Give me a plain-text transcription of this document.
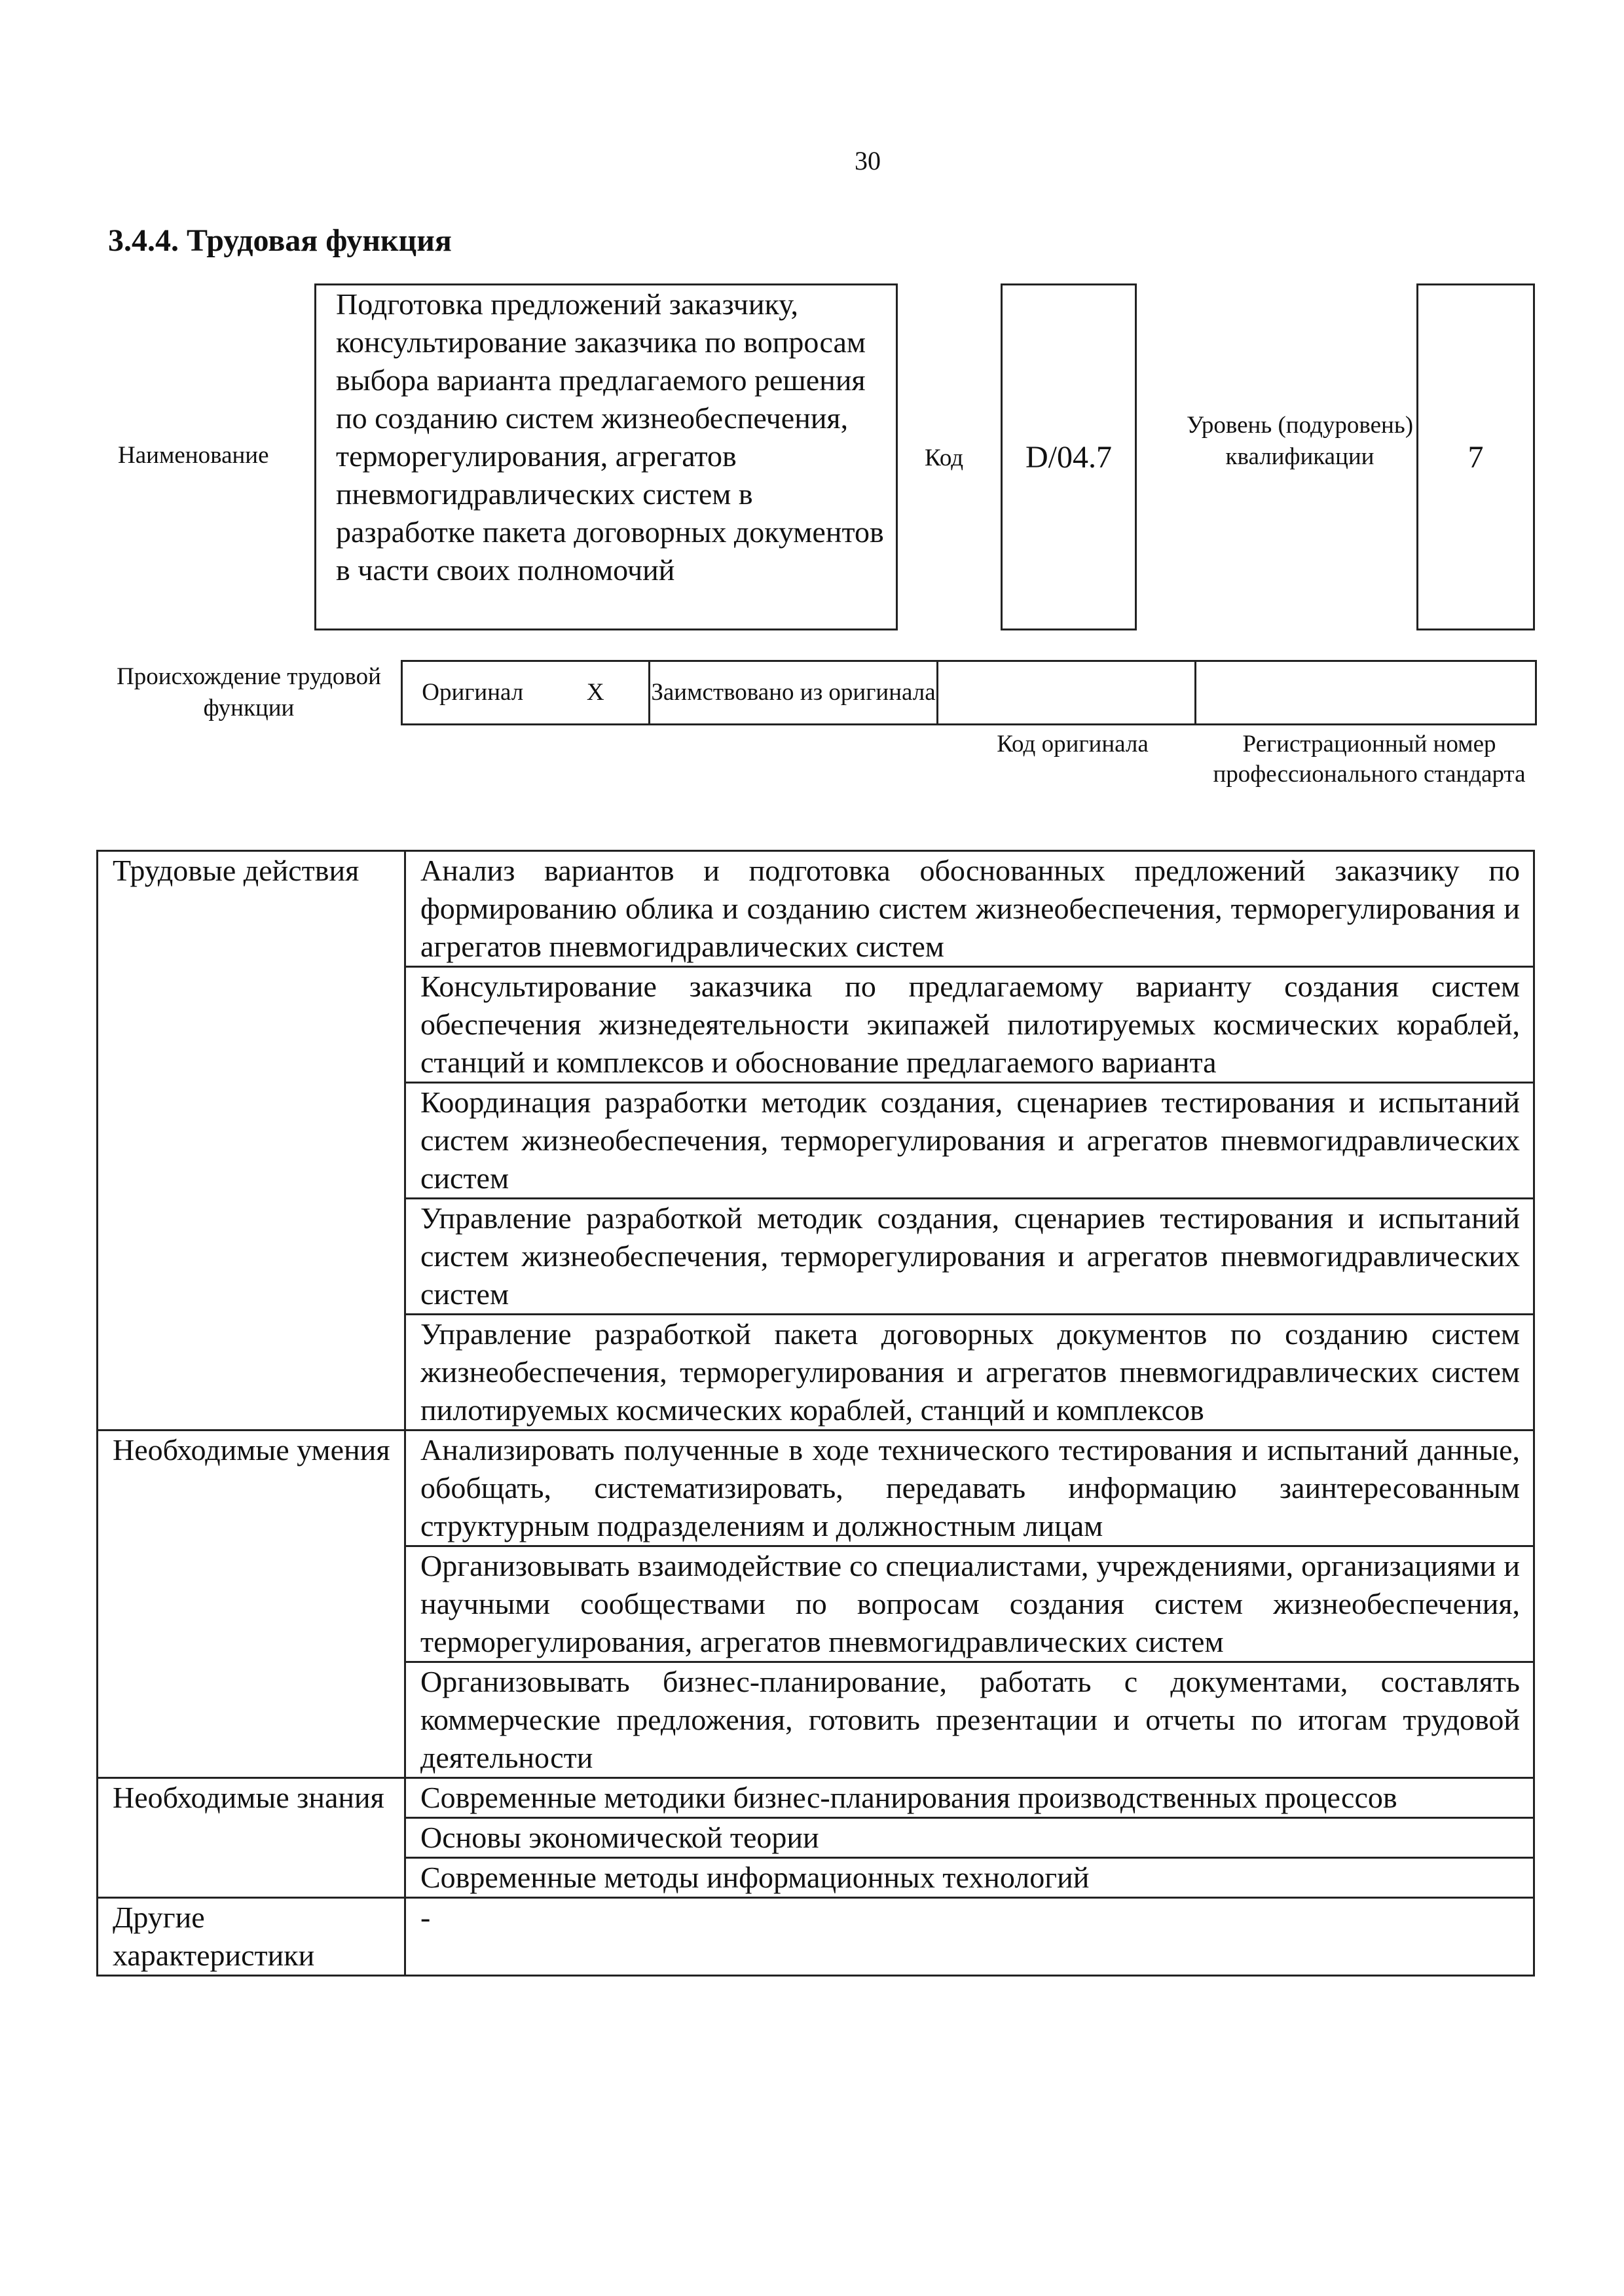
30
3.4.4. Трудовая функция
Наименование

Подготовка предложений заказчику, консультирование заказчика по вопросам выбора варианта предлагаемого решения по созданию систем жизнеобеспечения, терморегулирования, агрегатов пневмогидравлических систем в разработке пакета договорных документов в части своих полномочий

Код D/04.7
Уровень (подуровень) квалификации	7
Происхождение трудовой функции
Оригинал	X	Заимствовано из оригинала		
Код оригинала	Регистрационный номер профессионального стандарта
Трудовые действия	Анализ вариантов и подготовка обоснованных предложений заказчику по формированию облика и созданию систем жизнеобеспечения, терморегулирования и агрегатов пневмогидравлических систем
	Консультирование заказчика по предлагаемому варианту создания систем обеспечения жизнедеятельности экипажей пилотируемых космических кораблей, станций и комплексов и обоснование предлагаемого варианта
	Координация разработки методик создания, сценариев тестирования и испытаний систем жизнеобеспечения, терморегулирования и агрегатов пневмогидравлических систем
	Управление разработкой методик создания, сценариев тестирования и испытаний систем жизнеобеспечения, терморегулирования и агрегатов пневмогидравлических систем
	Управление разработкой пакета договорных документов по созданию систем жизнеобеспечения, терморегулирования и агрегатов пневмогидравлических систем пилотируемых космических кораблей, станций и комплексов
Необходимые умения	Анализировать полученные в ходе технического тестирования и испытаний данные, обобщать, систематизировать, передавать информацию заинтересованным структурным подразделениям и должностным лицам
	Организовывать взаимодействие со специалистами, учреждениями, организациями и научными сообществами по вопросам создания систем жизнеобеспечения, терморегулирования, агрегатов пневмогидравлических систем
	Организовывать бизнес-планирование, работать с документами, составлять коммерческие предложения, готовить презентации и отчеты по итогам трудовой деятельности
Необходимые знания	Современные методики бизнес-планирования производственных процессов
	Основы экономической теории
	Современные методы информационных технологий
Другие характеристики	-
